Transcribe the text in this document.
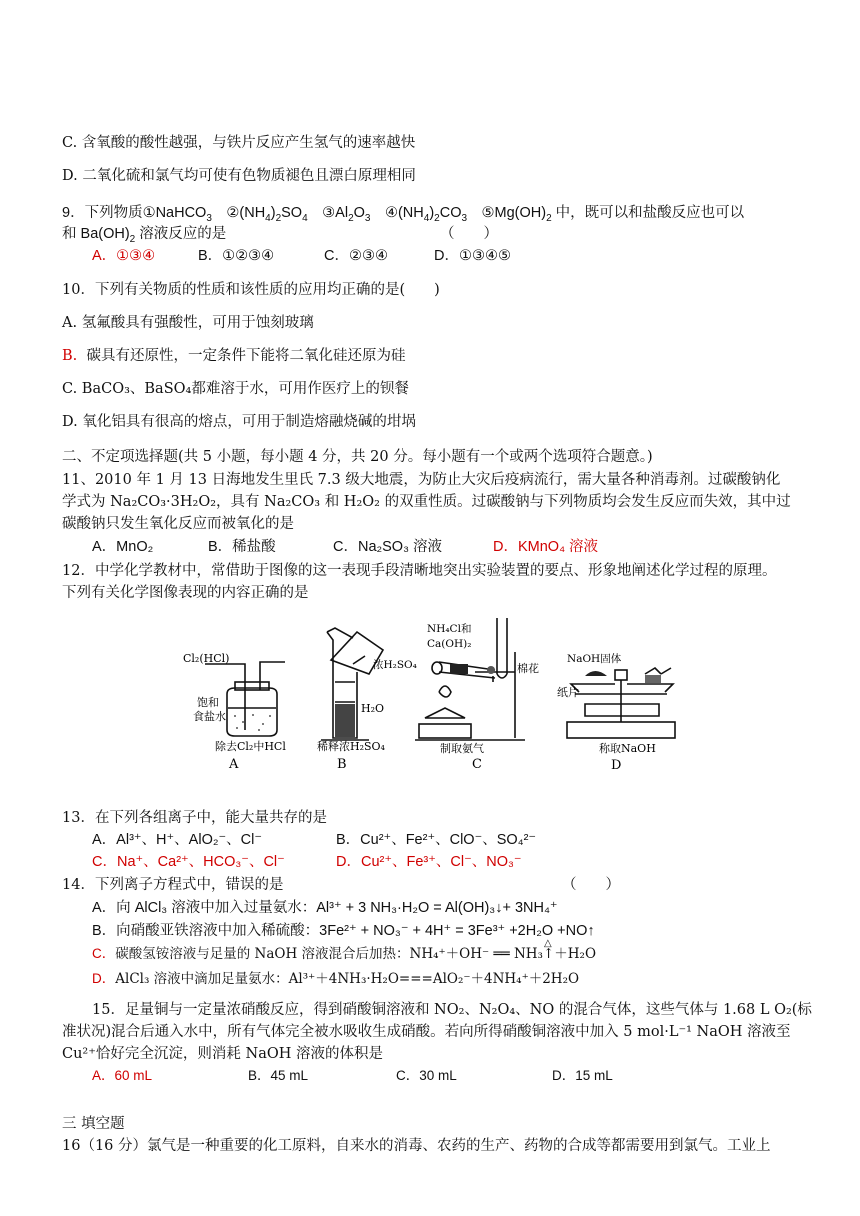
C. 含氧酸的酸性越强，与铁片反应产生氢气的速率越快
D. 二氧化硫和氯气均可使有色物质褪色且漂白原理相同
9．下列物质①NaHCO$_3$　$②(NH_4)_2SO_4$　$③Al_2O_3$　$④(NH_4)_2CO_3$　$⑤Mg(OH)_2$ 中，既可以和盐酸反应也可以
和 $Ba(OH)_2$ 溶液反应的是	（　　）
A．①③④	B．①②③④	C．②③④	D．①③④⑤
10．下列有关物质的性质和该性质的应用均正确的是(　　)
A. 氢氟酸具有强酸性，可用于蚀刻玻璃
B. 碳具有还原性，一定条件下能将二氧化硅还原为硅
C. BaCO₃、BaSO₄都难溶于水，可用作医疗上的钡餐
D. 氧化铝具有很高的熔点，可用于制造熔融烧碱的坩埚
二、不定项选择题(共 5 小题，每小题 4 分，共 20 分。每小题有一个或两个选项符合题意。)
11、2010 年 1 月 13 日海地发生里氏 7.3 级大地震，为防止大灾后疫病流行，需大量各种消毒剂。过碳酸钠化
学式为 Na₂CO₃·3H₂O₂，具有 Na₂CO₃ 和 H₂O₂ 的双重性质。过碳酸钠与下列物质均会发生反应而失效，其中过
碳酸钠只发生氧化反应而被氧化的是
A．MnO₂	B．稀盐酸	C．Na₂SO₃ 溶液	D．KMnO₄ 溶液
12．中学化学教材中，常借助于图像的这一表现手段清晰地突出实验装置的要点、形象地阐述化学过程的原理。
下列有关化学图像表现的内容正确的是
Cl₂(HCl)
饱和
食盐水
除去Cl₂中HCl
A
浓H₂SO₄
H₂O
稀释浓H₂SO₄
B
NH₄Cl和
Ca(OH)₂
棉花
制取氨气
C
NaOH固体
纸片
称取NaOH
D
13．在下列各组离子中，能大量共存的是
A．Al³⁺、H⁺、AlO₂⁻、Cl⁻	B．Cu²⁺、Fe²⁺、ClO⁻、SO₄²⁻
C．Na⁺、Ca²⁺、HCO₃⁻、Cl⁻	D．Cu²⁺、Fe³⁺、Cl⁻、NO₃⁻
14．下列离子方程式中，错误的是	（　　）
A．向 AlCl₃ 溶液中加入过量氨水：Al³⁺ + 3 NH₃·H₂O = Al(OH)₃↓+ 3NH₄⁺
B．向硝酸亚铁溶液中加入稀硫酸：3Fe²⁺ + NO₃⁻ + 4H⁺ = 3Fe³⁺ +2H₂O +NO↑
C．碳酸氢铵溶液与足量的 NaOH 溶液混合后加热：NH₄⁺＋OH⁻ ══ NH₃↑＋H₂O
△
D．AlCl₃ 溶液中滴加足量氨水：Al³⁺＋4NH₃·H₂O===AlO₂⁻＋4NH₄⁺＋2H₂O
15．足量铜与一定量浓硝酸反应，得到硝酸铜溶液和 NO₂、N₂O₄、NO 的混合气体，这些气体与 1.68 L O₂(标
准状况)混合后通入水中，所有气体完全被水吸收生成硝酸。若向所得硝酸铜溶液中加入 5 mol·L⁻¹ NaOH 溶液至
Cu²⁺恰好完全沉淀，则消耗 NaOH 溶液的体积是
A．60 mL	B．45 mL	C．30 mL	D．15 mL
三 填空题
16（16 分）氯气是一种重要的化工原料，自来水的消毒、农药的生产、药物的合成等都需要用到氯气。工业上
